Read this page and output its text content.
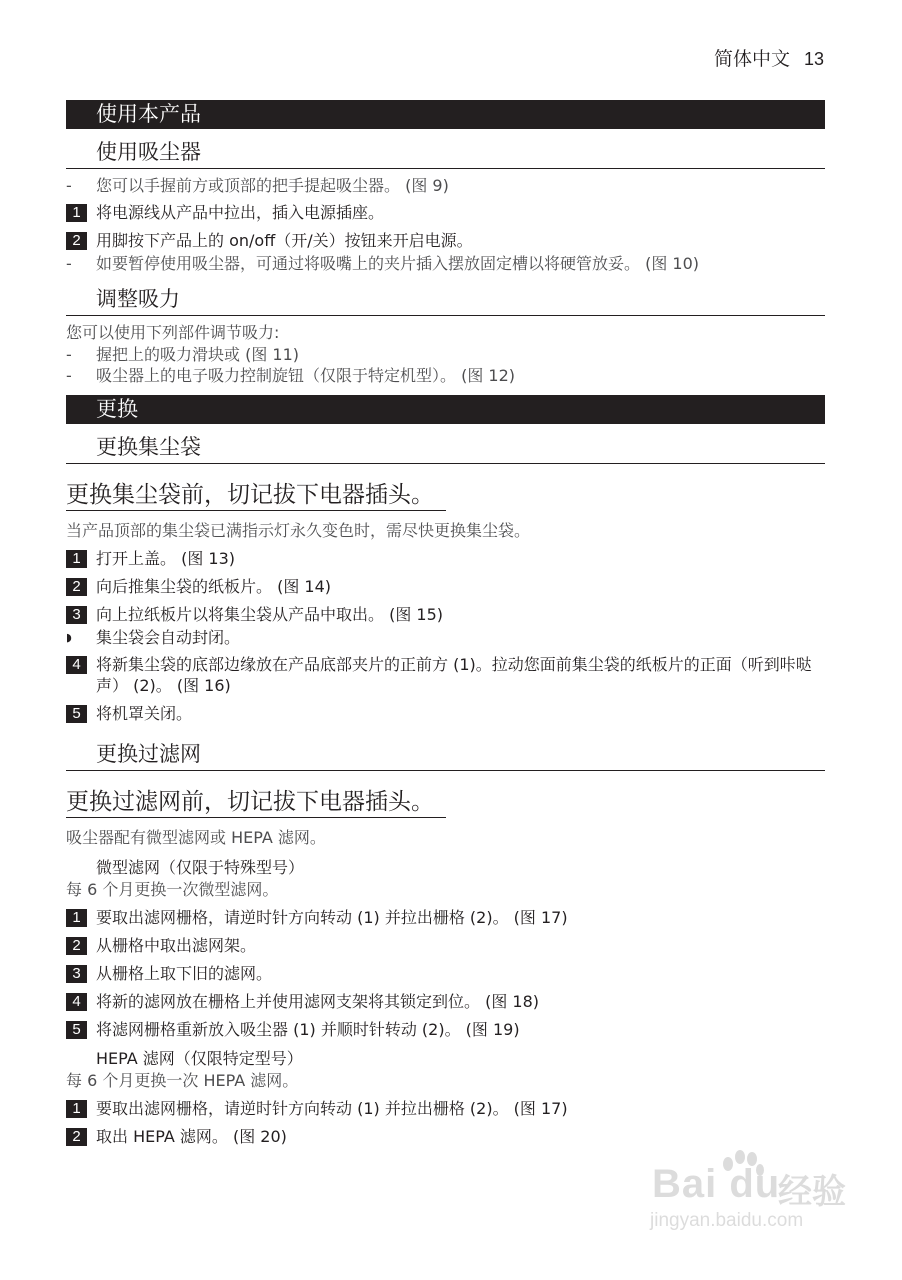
简体中文 13
使用本产品
使用吸尘器
-	您可以手握前方或顶部的把手提起吸尘器。 (图 9)
1 将电源线从产品中拉出，插入电源插座。
2 用脚按下产品上的 on/off（开/关）按钮来开启电源。
-	如要暂停使用吸尘器，可通过将吸嘴上的夹片插入摆放固定槽以将硬管放妥。 (图 10)
调整吸力
您可以使用下列部件调节吸力:
-	握把上的吸力滑块或 (图 11)
-	吸尘器上的电子吸力控制旋钮（仅限于特定机型）。 (图 12)
更换
更换集尘袋
更换集尘袋前，切记拔下电器插头。
当产品顶部的集尘袋已满指示灯永久变色时，需尽快更换集尘袋。
1 打开上盖。 (图 13)
2 向后推集尘袋的纸板片。 (图 14)
3 向上拉纸板片以将集尘袋从产品中取出。 (图 15)
◗	集尘袋会自动封闭。
4 将新集尘袋的底部边缘放在产品底部夹片的正前方 (1)。拉动您面前集尘袋的纸板片的正面（听到咔哒声） (2)。 (图 16)
5 将机罩关闭。
更换过滤网
更换过滤网前，切记拔下电器插头。
吸尘器配有微型滤网或 HEPA 滤网。
微型滤网（仅限于特殊型号）
每 6 个月更换一次微型滤网。
1 要取出滤网栅格，请逆时针方向转动 (1) 并拉出栅格 (2)。 (图 17)
2 从栅格中取出滤网架。
3 从栅格上取下旧的滤网。
4 将新的滤网放在栅格上并使用滤网支架将其锁定到位。 (图 18)
5 将滤网栅格重新放入吸尘器 (1) 并顺时针转动 (2)。 (图 19)
HEPA 滤网（仅限特定型号）
每 6 个月更换一次 HEPA 滤网。
1 要取出滤网栅格，请逆时针方向转动 (1) 并拉出栅格 (2)。 (图 17)
2 取出 HEPA 滤网。 (图 20)
Bai du
经验
jingyan.baidu.com
